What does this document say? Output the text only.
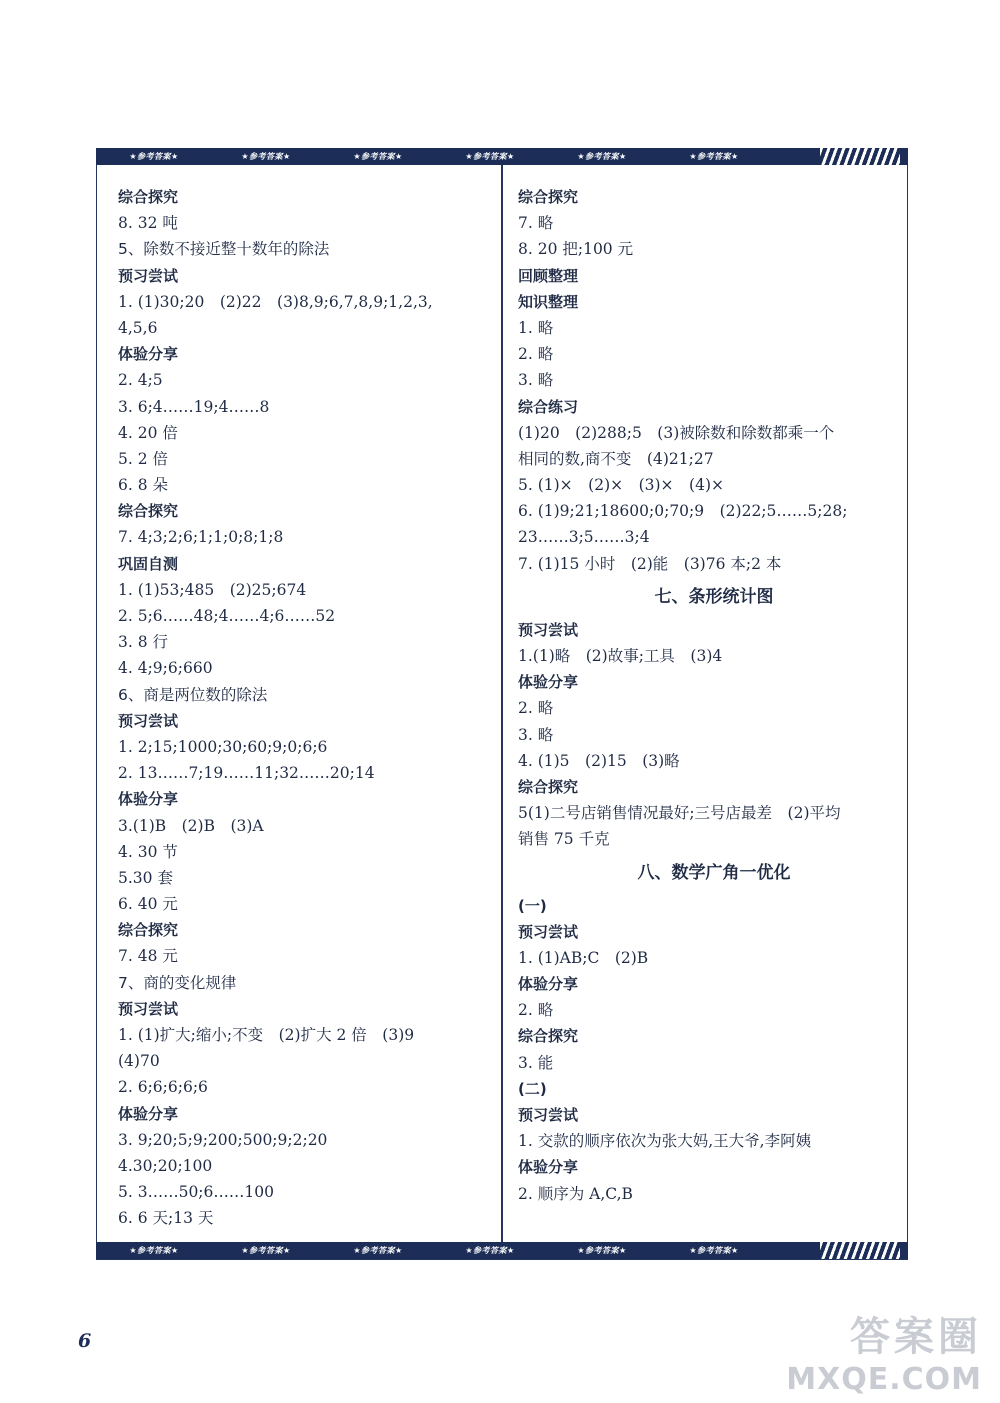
★参考答案★	★参考答案★	★参考答案★	★参考答案★	★参考答案★	★参考答案★
综合探究
8. 32 吨
5、除数不接近整十数年的除法
预习尝试
1. (1)30;20　(2)22　(3)8,9;6,7,8,9;1,2,3,
4,5,6
体验分享
2. 4;5
3. 6;4……19;4……8
4. 20 倍
5. 2 倍
6. 8 朵
综合探究
7. 4;3;2;6;1;1;0;8;1;8
巩固自测
1. (1)53;485　(2)25;674
2. 5;6……48;4……4;6……52
3. 8 行
4. 4;9;6;660
6、商是两位数的除法
预习尝试
1. 2;15;1000;30;60;9;0;6;6
2. 13……7;19……11;32……20;14
体验分享
3.(1)B　(2)B　(3)A
4. 30 节
5.30 套
6. 40 元
综合探究
7. 48 元
7、商的变化规律
预习尝试
1. (1)扩大;缩小;不变　(2)扩大 2 倍　(3)9
(4)70
2. 6;6;6;6;6
体验分享
3. 9;20;5;9;200;500;9;2;20
4.30;20;100
5. 3……50;6……100
6. 6 天;13 天
综合探究
7. 略
8. 20 把;100 元
回顾整理
知识整理
1. 略
2. 略
3. 略
综合练习
(1)20　(2)288;5　(3)被除数和除数都乘一个
相同的数,商不变　(4)21;27
5. (1)×　(2)×　(3)×　(4)×
6. (1)9;21;18600;0;70;9　(2)22;5……5;28;
23……3;5……3;4
7. (1)15 小时　(2)能　(3)76 本;2 本
七、条形统计图
预习尝试
1.(1)略　(2)故事;工具　(3)4
体验分享
2. 略
3. 略
4. (1)5　(2)15　(3)略
综合探究
5(1)二号店销售情况最好;三号店最差　(2)平均
销售 75 千克
八、数学广角一优化
(一)
预习尝试
1. (1)AB;C　(2)B
体验分享
2. 略
综合探究
3. 能
(二)
预习尝试
1. 交款的顺序依次为张大妈,王大爷,李阿姨
体验分享
2. 顺序为 A,C,B
★参考答案★	★参考答案★	★参考答案★	★参考答案★	★参考答案★	★参考答案★
6	答案圈
MXQE.COM
